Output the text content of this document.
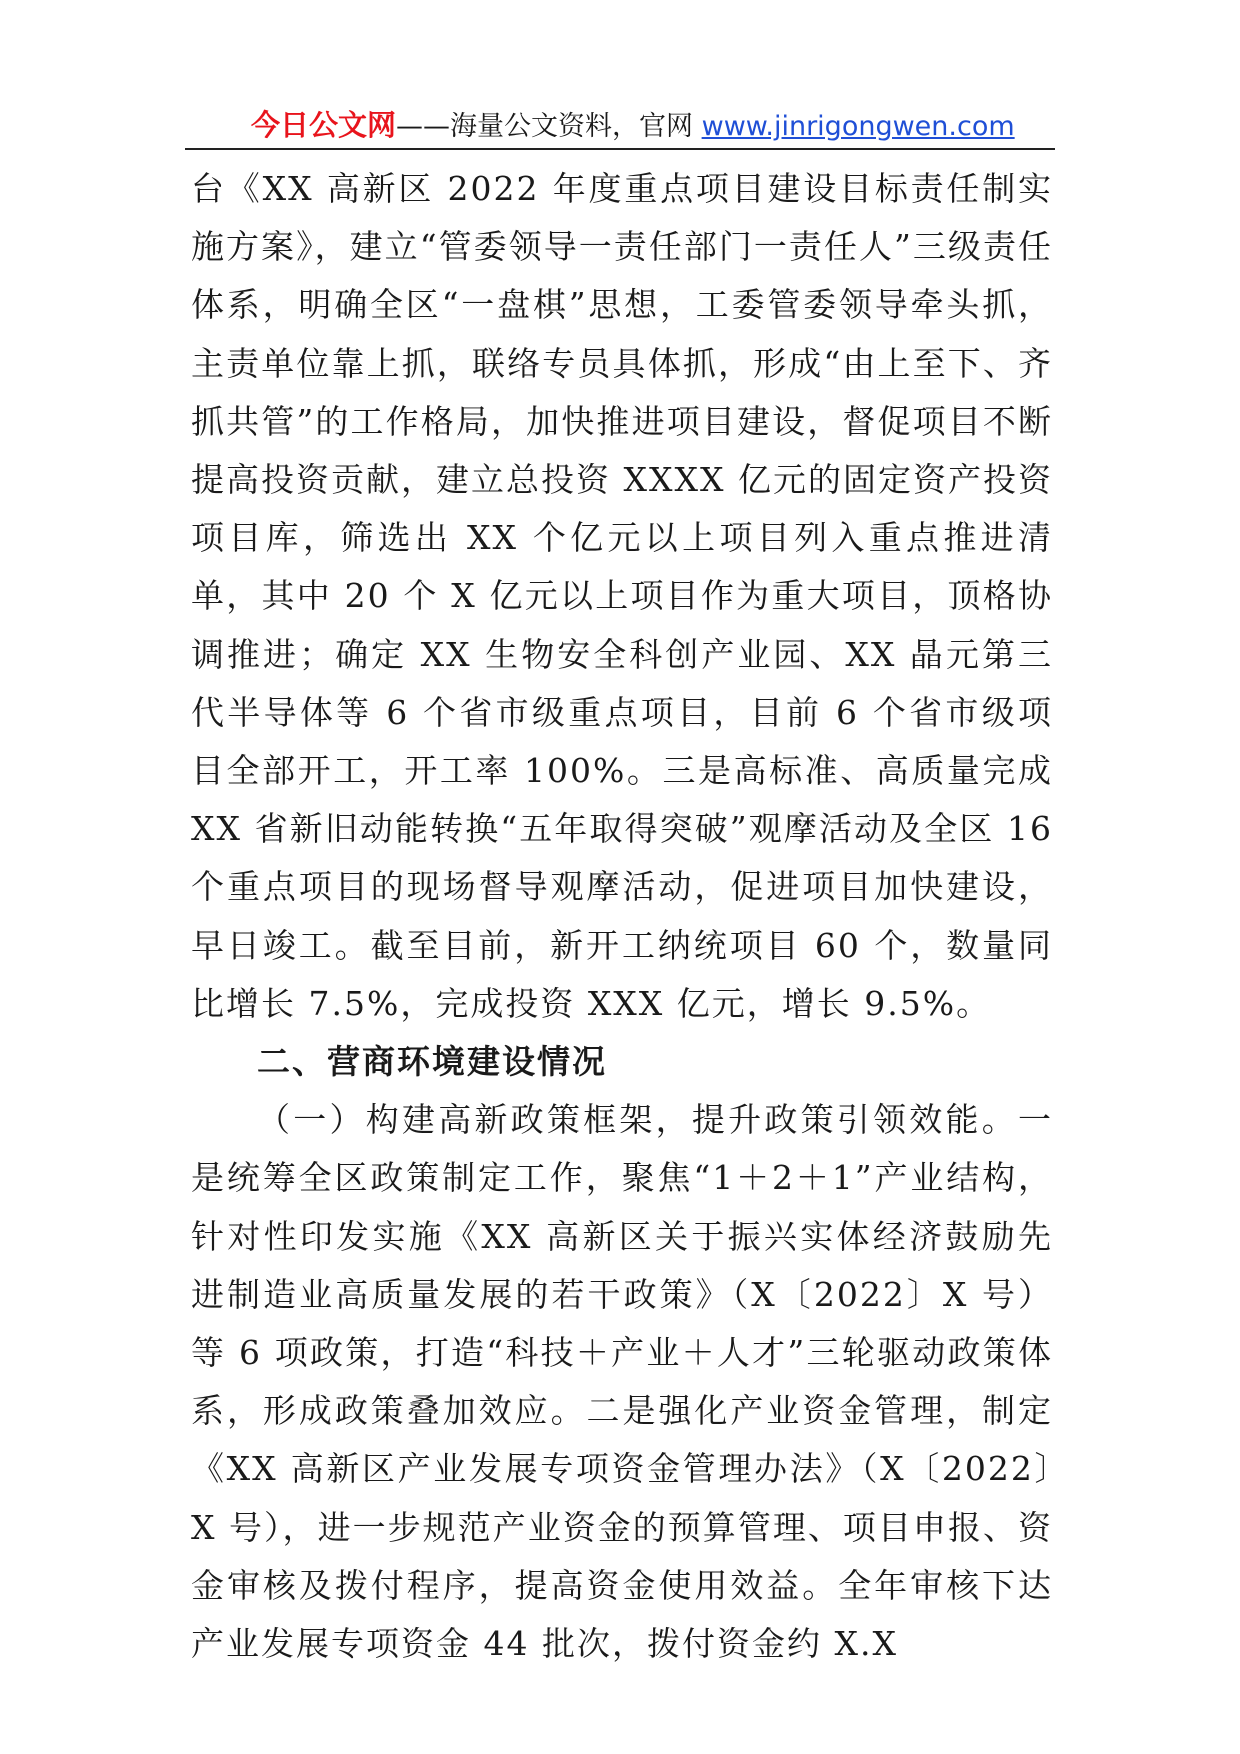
今日公文网——海量公文资料，官网 www.jinrigongwen.com

台《XX 高新区 2022 年度重点项目建设目标责任制实施方案》，建立“管委领导一责任部门一责任人”三级责任体系，明确全区“一盘棋”思想，工委管委领导牵头抓，主责单位靠上抓，联络专员具体抓，形成“由上至下、齐抓共管”的工作格局，加快推进项目建设，督促项目不断提高投资贡献，建立总投资 XXXX 亿元的固定资产投资项目库，筛选出 XX 个亿元以上项目列入重点推进清单，其中 20 个 X 亿元以上项目作为重大项目，顶格协调推进；确定 XX 生物安全科创产业园、XX 晶元第三代半导体等 6 个省市级重点项目，目前 6 个省市级项目全部开工，开工率 100%。三是高标准、高质量完成 XX 省新旧动能转换“五年取得突破”观摩活动及全区 16 个重点项目的现场督导观摩活动，促进项目加快建设，早日竣工。截至目前，新开工纳统项目 60 个，数量同比增长 7.5%，完成投资 XXX 亿元，增长 9.5%。

二、营商环境建设情况

（一）构建高新政策框架，提升政策引领效能。一是统筹全区政策制定工作，聚焦“1＋2＋1”产业结构，针对性印发实施《XX 高新区关于振兴实体经济鼓励先进制造业高质量发展的若干政策》（X〔2022〕X 号）等 6 项政策，打造“科技＋产业＋人才”三轮驱动政策体系，形成政策叠加效应。二是强化产业资金管理，制定《XX 高新区产业发展专项资金管理办法》（X〔2022〕X 号），进一步规范产业资金的预算管理、项目申报、资金审核及拨付程序，提高资金使用效益。全年审核下达产业发展专项资金 44 批次，拨付资金约 X.X
